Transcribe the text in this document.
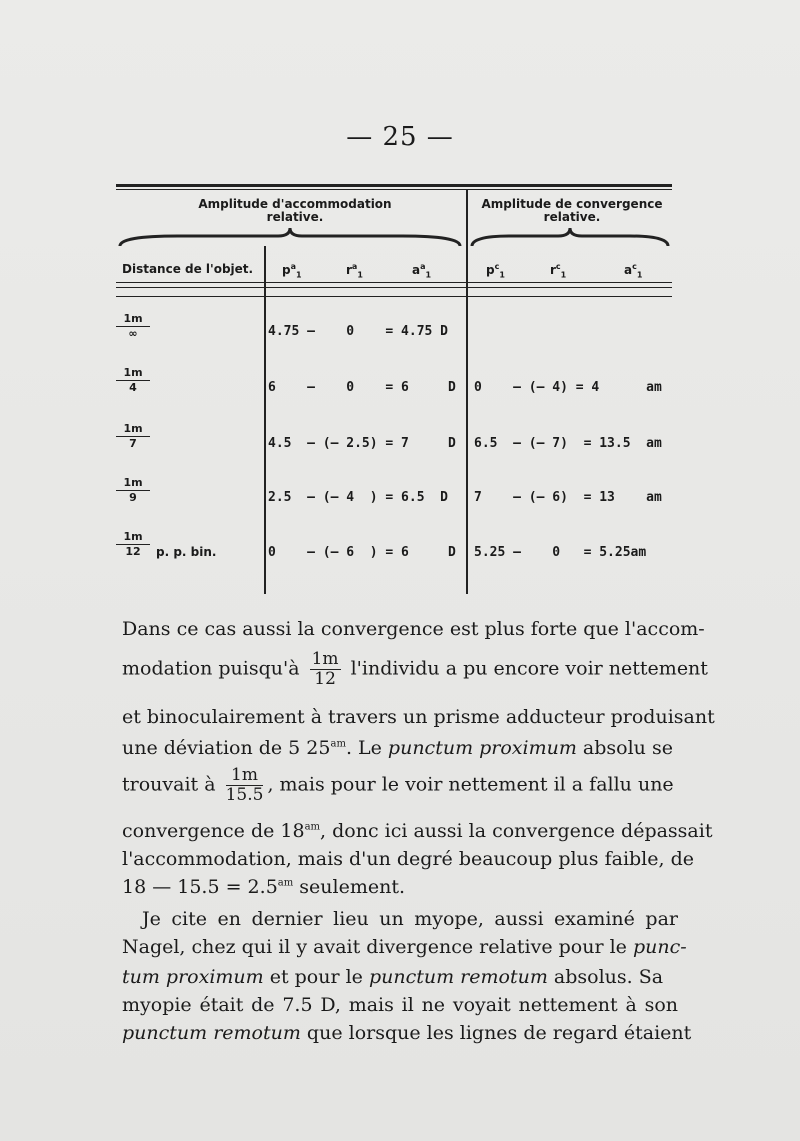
— 25 —
Amplitude d'accommodation relative.
Amplitude de convergence relative.
Distance de l'objet. $p^a_1$	$r^a_1$	$a^a_1$	$p^c_1$	$r^c_1$	$a^c_1$
1m
∞	4.75 —    0    = 4.75 D
$\frac{1m}{4}$	6    —    0    = 6     D 0    — (— 4) = 4      am
$\frac{1m}{7}$	4.5  — (— 2.5) = 7     D 6.5  — (— 7)  = 13.5  am
$\frac{1m}{9}$	2.5  — (— 4  ) = 6.5  D 7    — (— 6)  = 13    am
$\frac{1m}{12} p$. p. bin.	0    — (— 6  ) = 6     D 5.25 —    0   = 5.25am
Dans ce cas aussi la convergence est plus forte que l'accom-
modation puisqu'à $\frac{1m}{12}$ l'individu a pu encore voir nettement
et binoculairement à travers un prisme adducteur produisant
une déviation de 5 $25^{am}$. Le punctum proximum absolu se
trouvait à $\frac{1m}{15.5}$ , mais pour le voir nettement il a fallu une
convergence de $18^{am}$, donc ici aussi la convergence dépassait
l'accommodation, mais d'un degré beaucoup plus faible, de
18 — $15.5 = 2.5^{am}$ seulement.
Je cite en dernier lieu un myope, aussi examiné par
Nagel, chez qui il y avait divergence relative pour le punc-
tum proximum et pour le punctum remotum absolus. Sa
myopie était de 7.5 D, mais il ne voyait nettement à son
punctum remotum que lorsque les lignes de regard étaient
